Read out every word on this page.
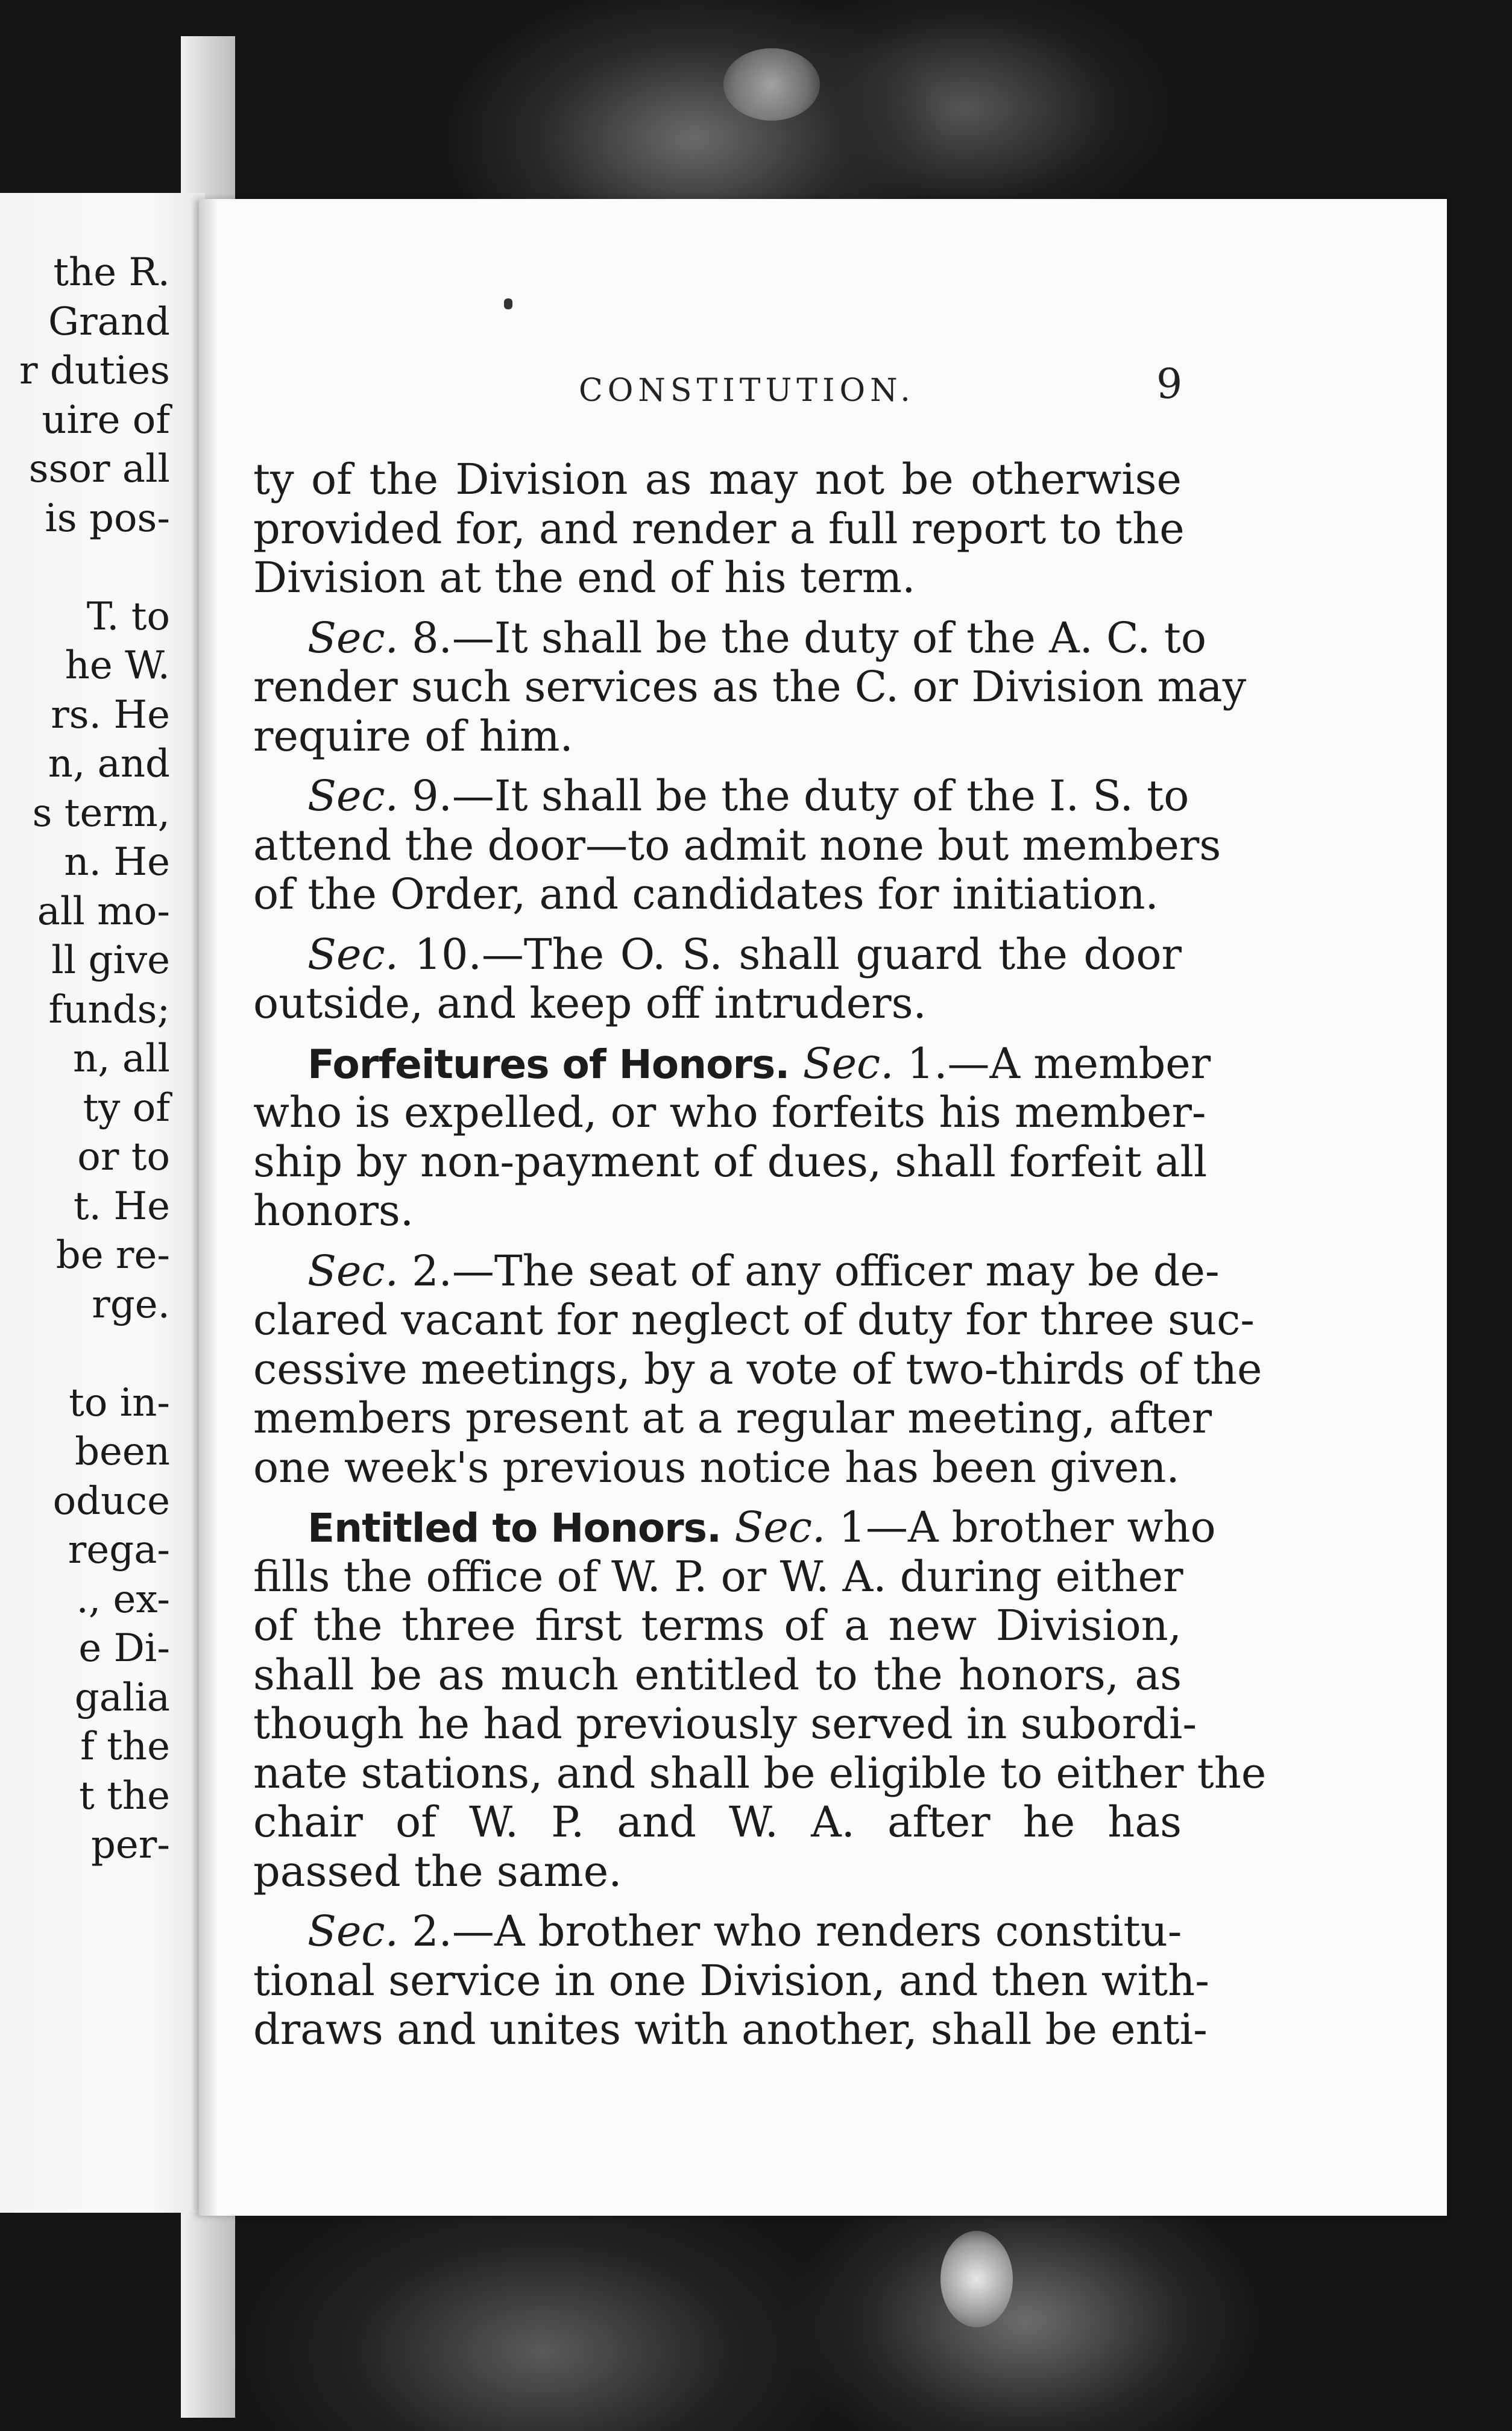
the R.
Grand
r duties
uire of
ssor all
is pos-
T. to
he W.
rs. He
n, and
s term,
n. He
all mo-
ll give
funds;
n, all
ty of
or to
t. He
be re-
rge.
to in-
been
oduce
rega-
., ex-
e Di-
galia
f the
t the
per-
CONSTITUTION.	9
ty of the Division as may not be otherwise
provided for, and render a full report to the
Division at the end of his term.
Sec. 8.—It shall be the duty of the A. C. to
render such services as the C. or Division may
require of him.
Sec. 9.—It shall be the duty of the I. S. to
attend the door—to admit none but members
of the Order, and candidates for initiation.
Sec. 10.—The O. S. shall guard the door
outside, and keep off intruders.
Forfeitures of Honors. Sec. 1.—A member
who is expelled, or who forfeits his member-
ship by non-payment of dues, shall forfeit all
honors.
Sec. 2.—The seat of any officer may be de-
clared vacant for neglect of duty for three suc-
cessive meetings, by a vote of two-thirds of the
members present at a regular meeting, after
one week's previous notice has been given.
Entitled to Honors. Sec. 1—A brother who
fills the office of W. P. or W. A. during either
of the three first terms of a new Division,
shall be as much entitled to the honors, as
though he had previously served in subordi-
nate stations, and shall be eligible to either the
chair of W. P. and W. A. after he has
passed the same.
Sec. 2.—A brother who renders constitu-
tional service in one Division, and then with-
draws and unites with another, shall be enti-
